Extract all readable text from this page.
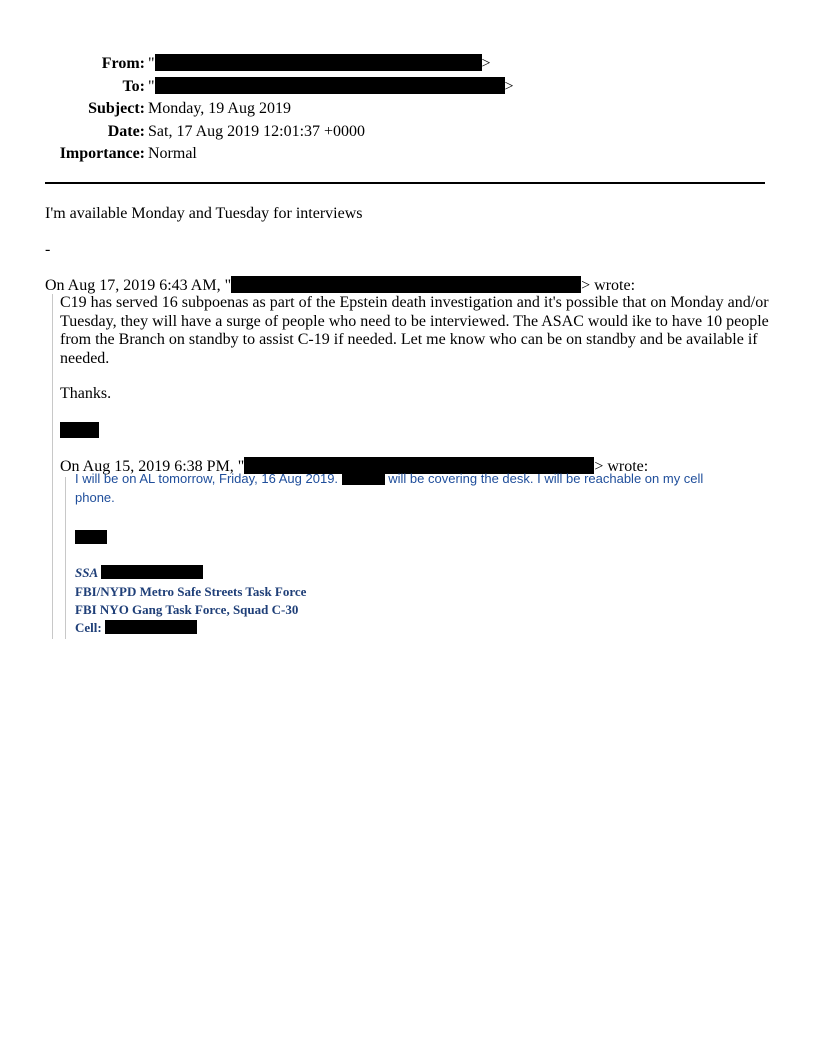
From: "	>
To: "	>
Subject: Monday, 19 Aug 2019
Date: Sat, 17 Aug 2019 12:01:37 +0000
Importance: Normal
I'm available Monday and Tuesday for interviews
-
On Aug 17, 2019 6:43 AM, "	> wrote:
C19 has served 16 subpoenas as part of the Epstein death investigation and it's possible that on Monday and/or Tuesday, they will have a surge of people who need to be interviewed. The ASAC would ike to have 10 people from the Branch on standby to assist C-19 if needed. Let me know who can be on standby and be available if needed.
Thanks.
On Aug 15, 2019 6:38 PM, "	> wrote:
I will be on AL tomorrow, Friday, 16 Aug 2019.	will be covering the desk. I will be reachable on my cell phone.
SSA
FBI/NYPD Metro Safe Streets Task Force
FBI NYO Gang Task Force, Squad C-30
Cell:
